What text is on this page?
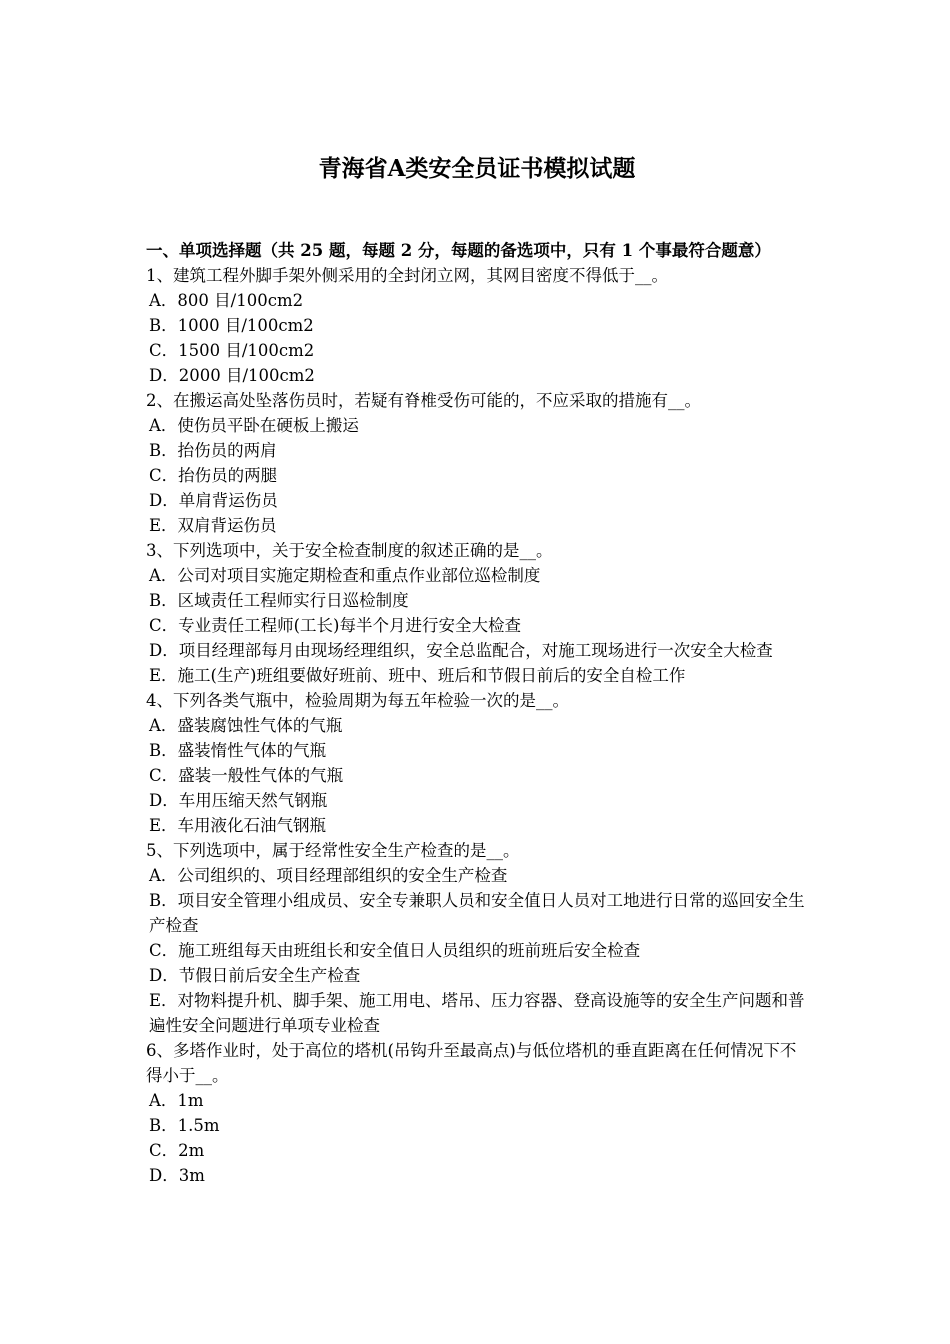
青海省A类安全员证书模拟试题

一、单项选择题（共 25 题，每题 2 分，每题的备选项中，只有 1 个事最符合题意）

1、建筑工程外脚手架外侧采用的全封闭立网，其网目密度不得低于__。

A．800 目/100cm2

B．1000 目/100cm2

C．1500 目/100cm2

D．2000 目/100cm2

2、在搬运高处坠落伤员时，若疑有脊椎受伤可能的，不应采取的措施有__。

A．使伤员平卧在硬板上搬运

B．抬伤员的两肩

C．抬伤员的两腿

D．单肩背运伤员

E．双肩背运伤员

3、下列选项中，关于安全检查制度的叙述正确的是__。

A．公司对项目实施定期检查和重点作业部位巡检制度

B．区域责任工程师实行日巡检制度

C．专业责任工程师(工长)每半个月进行安全大检查

D．项目经理部每月由现场经理组织，安全总监配合，对施工现场进行一次安全大检查

E．施工(生产)班组要做好班前、班中、班后和节假日前后的安全自检工作

4、下列各类气瓶中，检验周期为每五年检验一次的是__。

A．盛装腐蚀性气体的气瓶

B．盛装惰性气体的气瓶

C．盛装一般性气体的气瓶

D．车用压缩天然气钢瓶

E．车用液化石油气钢瓶

5、下列选项中，属于经常性安全生产检查的是__。

A．公司组织的、项目经理部组织的安全生产检查

B．项目安全管理小组成员、安全专兼职人员和安全值日人员对工地进行日常的巡回安全生产检查

C．施工班组每天由班组长和安全值日人员组织的班前班后安全检查

D．节假日前后安全生产检查

E．对物料提升机、脚手架、施工用电、塔吊、压力容器、登高设施等的安全生产问题和普遍性安全问题进行单项专业检查

6、多塔作业时，处于高位的塔机(吊钩升至最高点)与低位塔机的垂直距离在任何情况下不得小于__。

A．1m

B．1.5m

C．2m

D．3m
